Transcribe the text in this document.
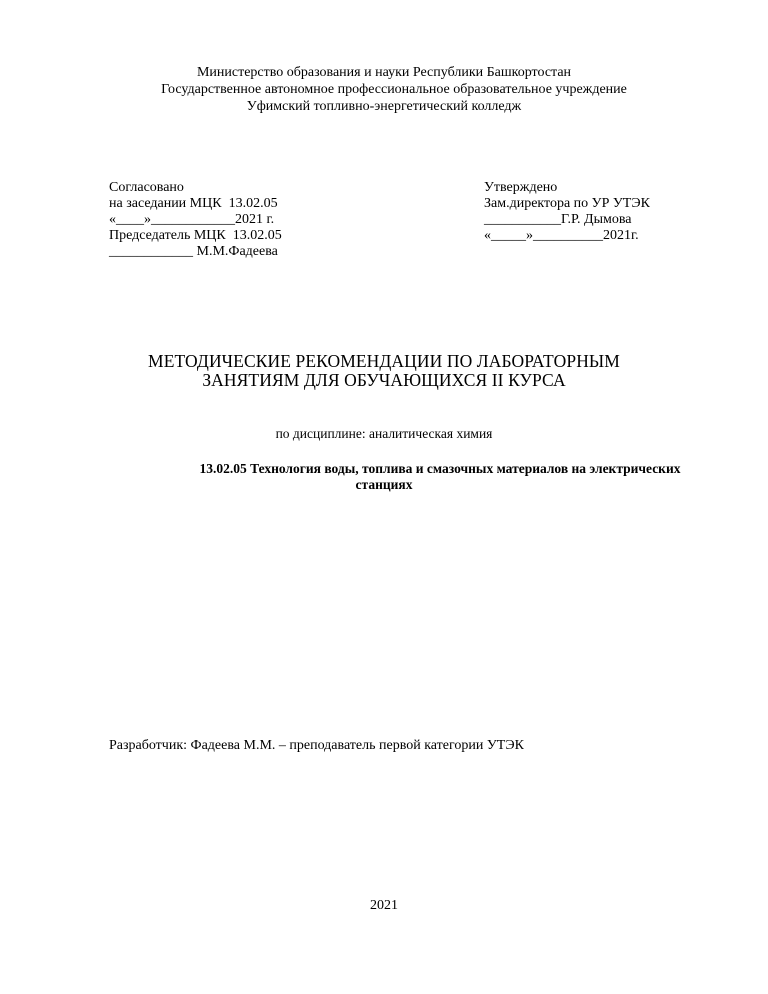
Министерство образования и науки Республики Башкортостан
Государственное автономное профессиональное образовательное учреждение
Уфимский топливно-энергетический колледж
Согласовано
на заседании МЦК  13.02.05
«____»____________2021 г.
Председатель МЦК  13.02.05
____________ М.М.Фадеева
Утверждено
Зам.директора по УР УТЭК
___________Г.Р. Дымова
«_____»__________2021г.
МЕТОДИЧЕСКИЕ РЕКОМЕНДАЦИИ ПО ЛАБОРАТОРНЫМ
ЗАНЯТИЯМ ДЛЯ ОБУЧАЮЩИХСЯ II КУРСА
по дисциплине: аналитическая химия
13.02.05 Технология воды, топлива и смазочных материалов на электрических
станциях
Разработчик: Фадеева М.М. – преподаватель первой категории УТЭК
2021
